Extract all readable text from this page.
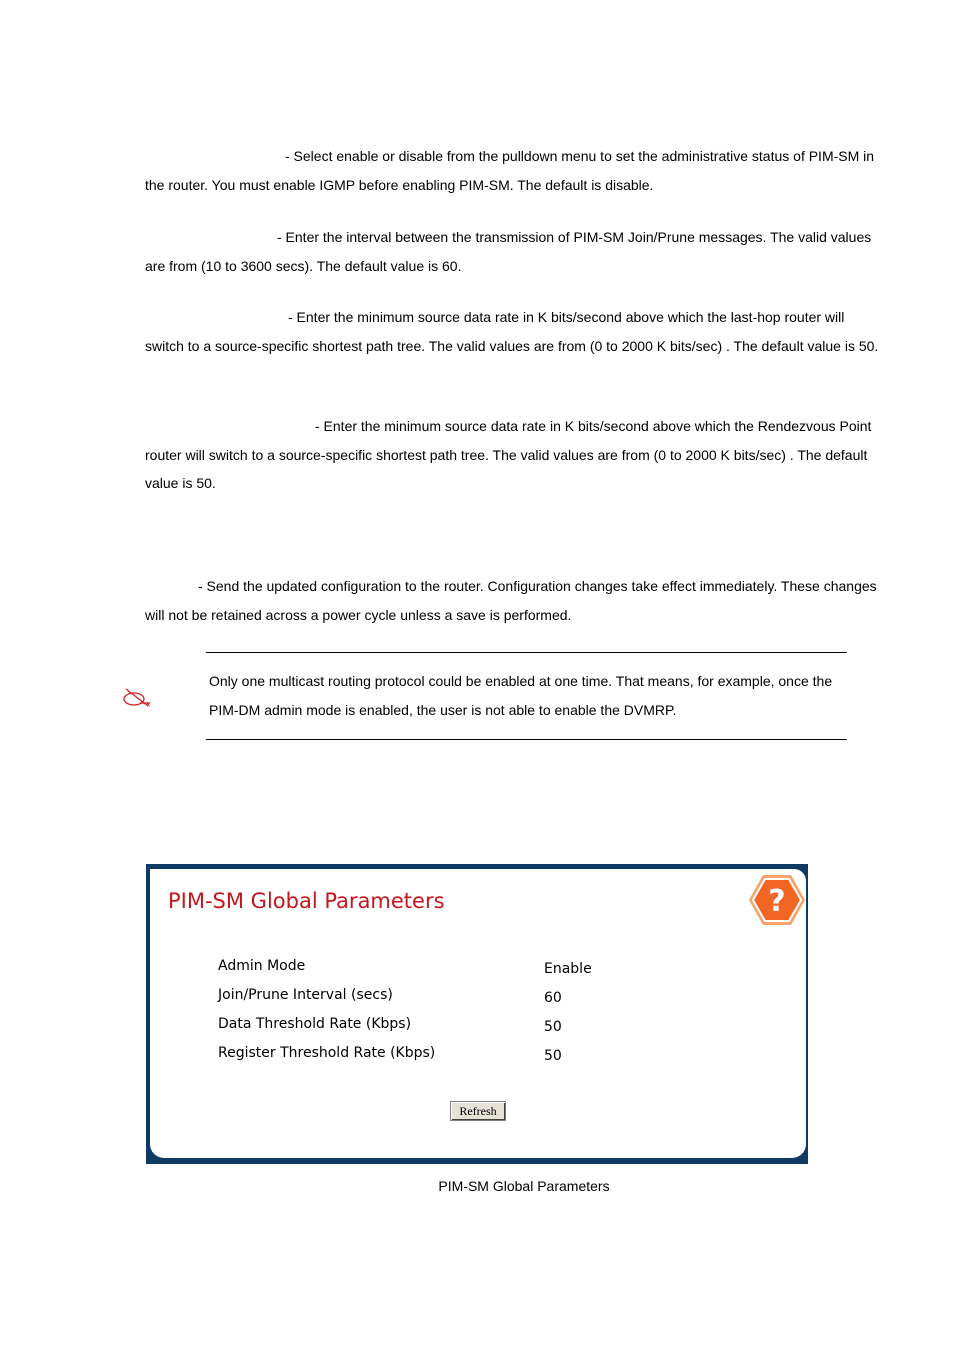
- Select enable or disable from the pulldown menu to set the administrative status of PIM-SM in the router. You must enable IGMP before enabling PIM-SM. The default is disable.

- Enter the interval between the transmission of PIM-SM Join/Prune messages. The valid values are from (10 to 3600 secs). The default value is 60.

- Enter the minimum source data rate in K bits/second above which the last-hop router will switch to a source-specific shortest path tree. The valid values are from (0 to 2000 K bits/sec) . The default value is 50.

- Enter the minimum source data rate in K bits/second above which the Rendezvous Point router will switch to a source-specific shortest path tree. The valid values are from (0 to 2000 K bits/sec) . The default value is 50.

- Send the updated configuration to the router. Configuration changes take effect immediately. These changes will not be retained across a power cycle unless a save is performed.

Only one multicast routing protocol could be enabled at one time. That means, for example, once the PIM-DM admin mode is enabled, the user is not able to enable the DVMRP.

PIM-SM Global Parameters	?
Admin Mode	Enable
Join/Prune Interval (secs)	60
Data Threshold Rate (Kbps)	50
Register Threshold Rate (Kbps)	50
Refresh
PIM-SM Global Parameters
